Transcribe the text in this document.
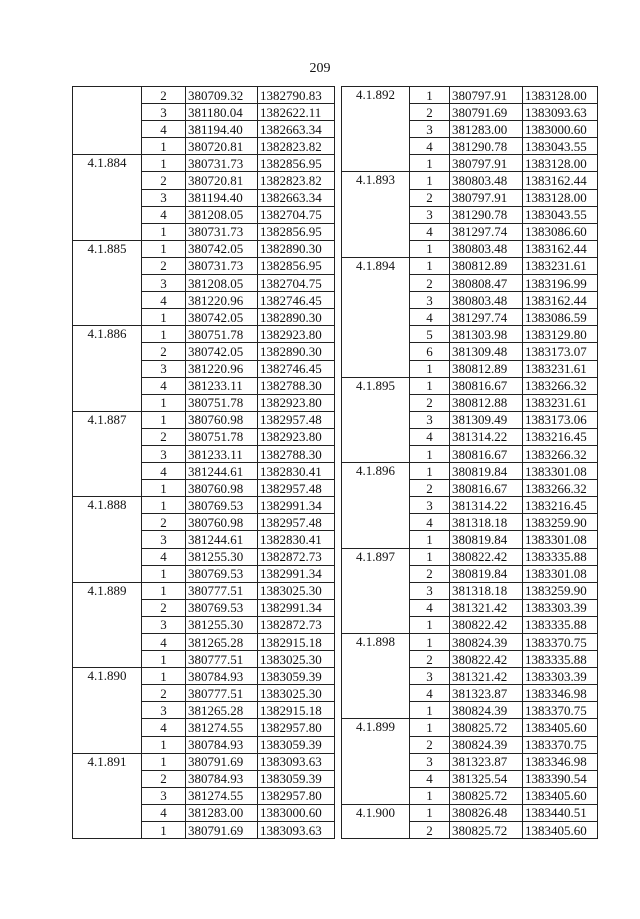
209
	2	380709.32	1382790.83
	3	381180.04	1382622.11
	4	381194.40	1382663.34
	1	380720.81	1382823.82
4.1.884	1	380731.73	1382856.95
	2	380720.81	1382823.82
	3	381194.40	1382663.34
	4	381208.05	1382704.75
	1	380731.73	1382856.95
4.1.885	1	380742.05	1382890.30
	2	380731.73	1382856.95
	3	381208.05	1382704.75
	4	381220.96	1382746.45
	1	380742.05	1382890.30
4.1.886	1	380751.78	1382923.80
	2	380742.05	1382890.30
	3	381220.96	1382746.45
	4	381233.11	1382788.30
	1	380751.78	1382923.80
4.1.887	1	380760.98	1382957.48
	2	380751.78	1382923.80
	3	381233.11	1382788.30
	4	381244.61	1382830.41
	1	380760.98	1382957.48
4.1.888	1	380769.53	1382991.34
	2	380760.98	1382957.48
	3	381244.61	1382830.41
	4	381255.30	1382872.73
	1	380769.53	1382991.34
4.1.889	1	380777.51	1383025.30
	2	380769.53	1382991.34
	3	381255.30	1382872.73
	4	381265.28	1382915.18
	1	380777.51	1383025.30
4.1.890	1	380784.93	1383059.39
	2	380777.51	1383025.30
	3	381265.28	1382915.18
	4	381274.55	1382957.80
	1	380784.93	1383059.39
4.1.891	1	380791.69	1383093.63
	2	380784.93	1383059.39
	3	381274.55	1382957.80
	4	381283.00	1383000.60
	1	380791.69	1383093.63
4.1.892	1	380797.91	1383128.00
	2	380791.69	1383093.63
	3	381283.00	1383000.60
	4	381290.78	1383043.55
	1	380797.91	1383128.00
4.1.893	1	380803.48	1383162.44
	2	380797.91	1383128.00
	3	381290.78	1383043.55
	4	381297.74	1383086.60
	1	380803.48	1383162.44
4.1.894	1	380812.89	1383231.61
	2	380808.47	1383196.99
	3	380803.48	1383162.44
	4	381297.74	1383086.59
	5	381303.98	1383129.80
	6	381309.48	1383173.07
	1	380812.89	1383231.61
4.1.895	1	380816.67	1383266.32
	2	380812.88	1383231.61
	3	381309.49	1383173.06
	4	381314.22	1383216.45
	1	380816.67	1383266.32
4.1.896	1	380819.84	1383301.08
	2	380816.67	1383266.32
	3	381314.22	1383216.45
	4	381318.18	1383259.90
	1	380819.84	1383301.08
4.1.897	1	380822.42	1383335.88
	2	380819.84	1383301.08
	3	381318.18	1383259.90
	4	381321.42	1383303.39
	1	380822.42	1383335.88
4.1.898	1	380824.39	1383370.75
	2	380822.42	1383335.88
	3	381321.42	1383303.39
	4	381323.87	1383346.98
	1	380824.39	1383370.75
4.1.899	1	380825.72	1383405.60
	2	380824.39	1383370.75
	3	381323.87	1383346.98
	4	381325.54	1383390.54
	1	380825.72	1383405.60
4.1.900	1	380826.48	1383440.51
	2	380825.72	1383405.60
